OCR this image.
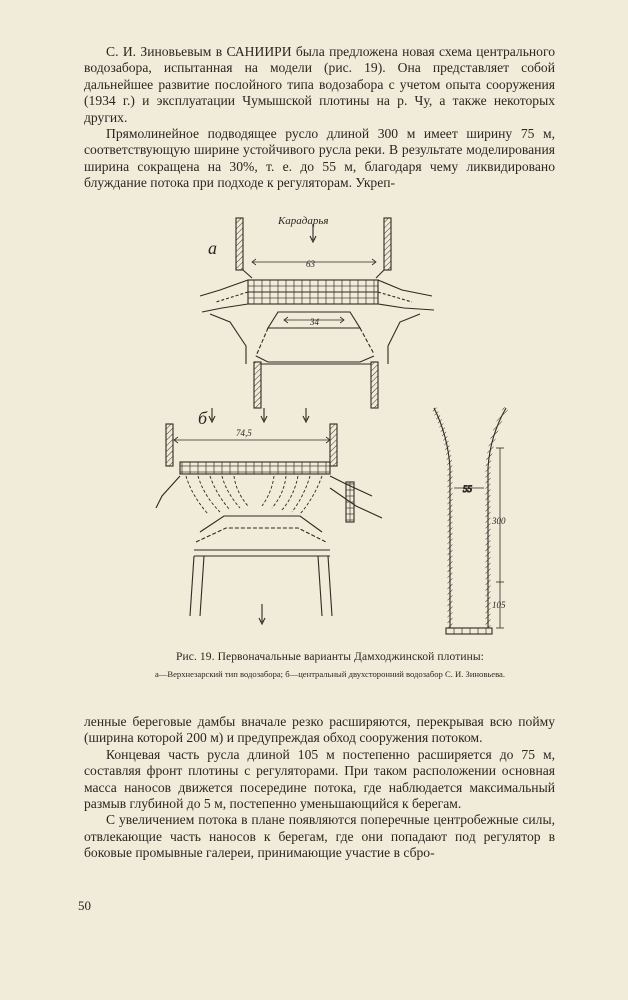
С. И. Зиновьевым в САНИИРИ была предложена новая схема центрального водозабора, испытанная на модели (рис. 19). Она представляет собой дальнейшее развитие послойного типа водозабора с учетом опыта сооружения (1934 г.) и эксплуатации Чумышской плотины на р. Чу, а также некоторых других.

Прямолинейное подводящее русло длиной 300 м имеет ширину 75 м, соответствующую ширине устойчивого русла реки. В результате моделирования ширина сокращена на 30%, т. е. до 55 м, благодаря чему ликвидировано блуждание потока при подходе к регуляторам. Укреп-

а
Карадарья
63
34
б
74,5
55
300
105
Рис. 19. Первоначальные варианты Дамходжинской плотины:
а—Верхнезарский тип водозабора; б—центральный двухсторонний водозабор С. И. Зиновьева.

ленные береговые дамбы вначале резко расширяются, перекрывая всю пойму (ширина которой 200 м) и предупреждая обход сооружения потоком.

Концевая часть русла длиной 105 м постепенно расширяется до 75 м, составляя фронт плотины с регуляторами. При таком расположении основная масса наносов движется посередине потока, где наблюдается максимальный размыв глубиной до 5 м, постепенно уменьшающийся к берегам.

С увеличением потока в плане появляются поперечные центробежные силы, отвлекающие часть наносов к берегам, где они попадают под регулятор в боковые промывные галереи, принимающие участие в сбро-

50
